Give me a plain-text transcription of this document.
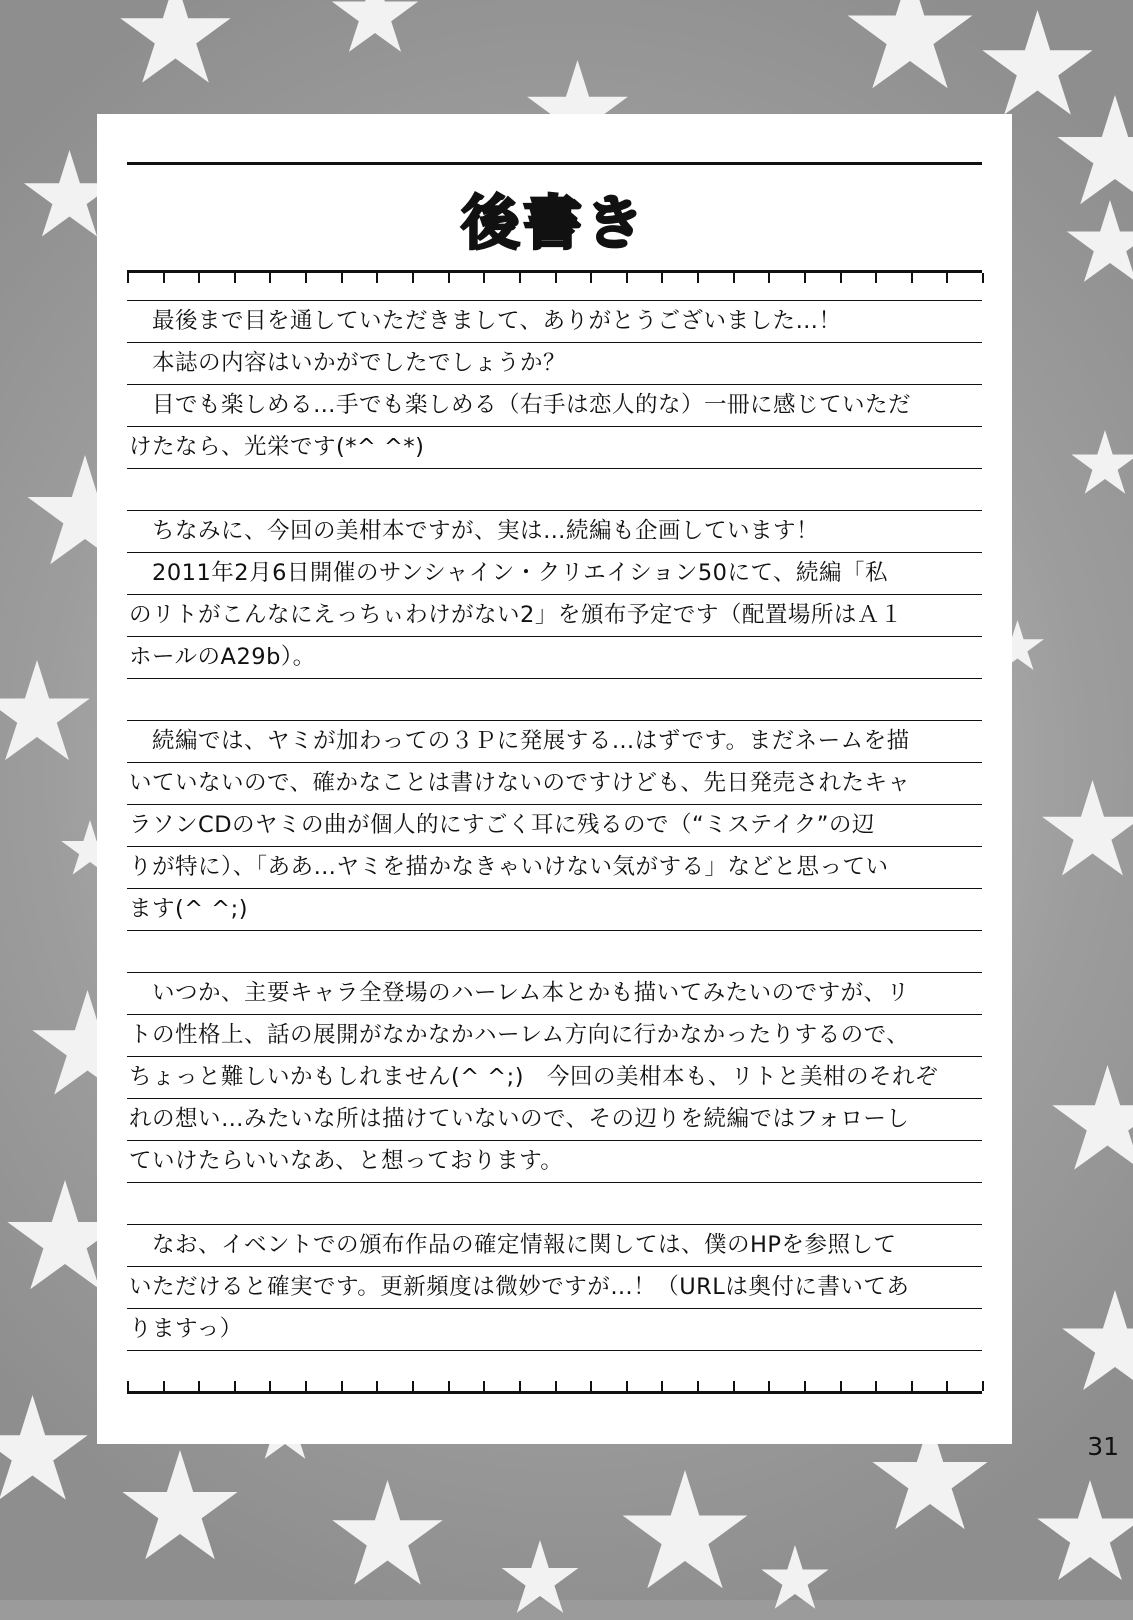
後書き
　最後まで目を通していただきまして、ありがとうございました…！
　本誌の内容はいかがでしたでしょうか？
　目でも楽しめる…手でも楽しめる（右手は恋人的な）一冊に感じていただ
けたなら、光栄です(*^ ^*)
　ちなみに、今回の美柑本ですが、実は…続編も企画しています！
　2011年2月6日開催のサンシャイン・クリエイション50にて、続編「私
のリトがこんなにえっちぃわけがない2」を頒布予定です（配置場所はＡ１
ホールのA29b）。
　続編では、ヤミが加わっての３Ｐに発展する…はずです。まだネームを描
いていないので、確かなことは書けないのですけども、先日発売されたキャ
ラソンCDのヤミの曲が個人的にすごく耳に残るので（“ミステイク”の辺
りが特に）、「ああ…ヤミを描かなきゃいけない気がする」などと思ってい
ます(^ ^;)
　いつか、主要キャラ全登場のハーレム本とかも描いてみたいのですが、リ
トの性格上、話の展開がなかなかハーレム方向に行かなかったりするので、
ちょっと難しいかもしれません(^ ^;)　今回の美柑本も、リトと美柑のそれぞ
れの想い…みたいな所は描けていないので、その辺りを続編ではフォローし
ていけたらいいなあ、と想っております。
　なお、イベントでの頒布作品の確定情報に関しては、僕のHPを参照して
いただけると確実です。更新頻度は微妙ですが…！（URLは奥付に書いてあ
りますっ）
31
